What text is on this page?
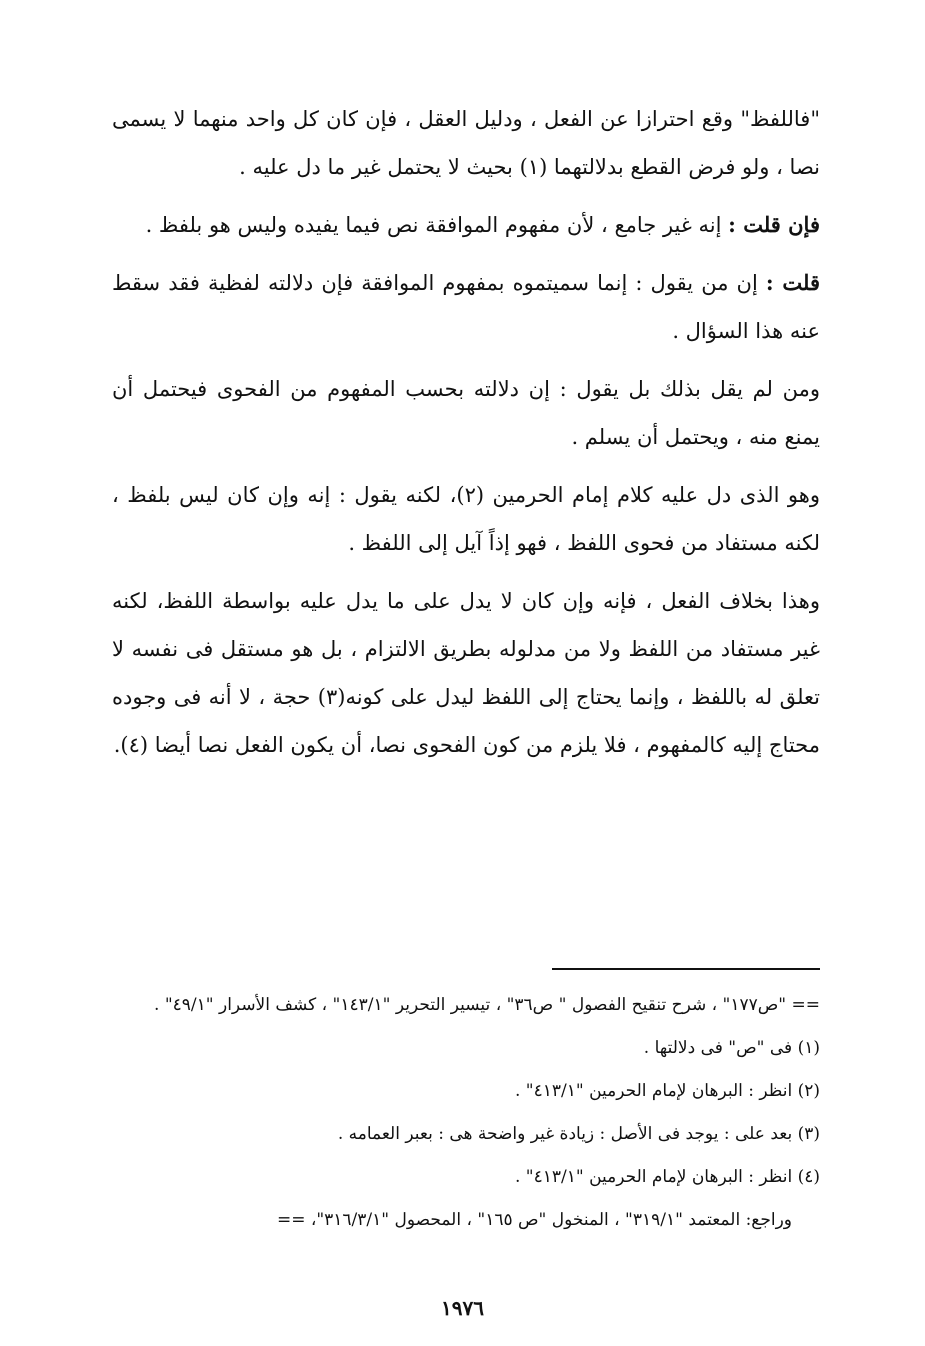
"فاللفظ" وقع احترازا عن الفعل ، ودليل العقل ، فإن كان كل واحد منهما لا يسمى نصا ، ولو فرض القطع بدلالتهما (١) بحيث لا يحتمل غير ما دل عليه .

فإن قلت : إنه غير جامع ، لأن مفهوم الموافقة نص فيما يفيده وليس هو بلفظ .

قلت : إن من يقول : إنما سميتموه بمفهوم الموافقة فإن دلالته لفظية فقد سقط عنه هذا السؤال .

ومن لم يقل بذلك بل يقول : إن دلالته بحسب المفهوم من الفحوى فيحتمل أن يمنع منه ، ويحتمل أن يسلم .

وهو الذى دل عليه كلام إمام الحرمين (٢)، لكنه يقول : إنه وإن كان ليس بلفظ ، لكنه مستفاد من فحوى اللفظ ، فهو إذاً آيل إلى اللفظ .

وهذا بخلاف الفعل ، فإنه وإن كان لا يدل على ما يدل عليه بواسطة اللفظ، لكنه غير مستفاد من اللفظ ولا من مدلوله بطريق الالتزام ، بل هو مستقل فى نفسه لا تعلق له باللفظ ، وإنما يحتاج إلى اللفظ ليدل على كونه(٣) حجة ، لا أنه فى وجوده محتاج إليه كالمفهوم ، فلا يلزم من كون الفحوى نصا، أن يكون الفعل نصا أيضا (٤).

== "ص١٧٧" ، شرح تنقيح الفصول " ص٣٦" ، تيسير التحرير "١٤٣/١" ، كشف الأسرار "٤٩/١" .
(١) فى "ص" فى دلالتها .
(٢) انظر : البرهان لإمام الحرمين "٤١٣/١" .
(٣) بعد على : يوجد فى الأصل : زيادة غير واضحة هى : بعبر العمامه .
(٤) انظر : البرهان لإمام الحرمين "٤١٣/١" .
وراجع: المعتمد "٣١٩/١" ، المنخول "ص ١٦٥" ، المحصول "٣١٦/٣/١"، ==
١٩٧٦
